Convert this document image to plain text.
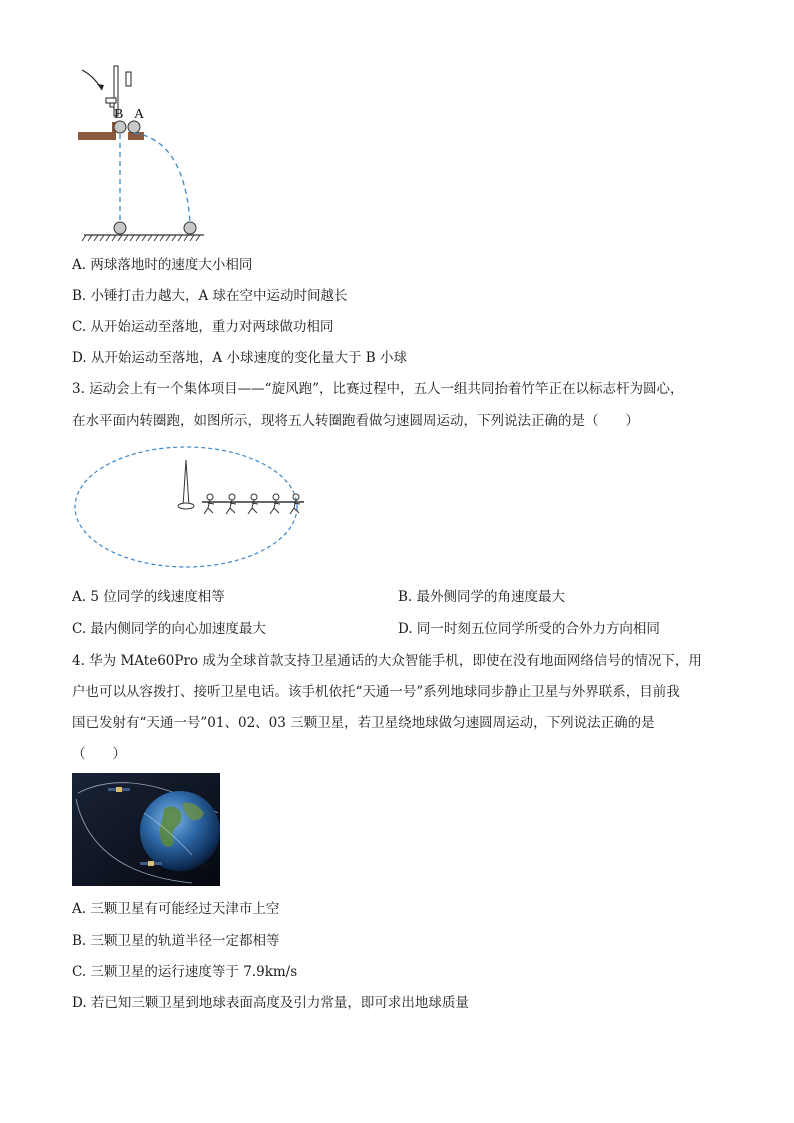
B A
A. 两球落地时的速度大小相同
B. 小锤打击力越大，A 球在空中运动时间越长
C. 从开始运动至落地，重力对两球做功相同
D. 从开始运动至落地，A 小球速度的变化量大于 B 小球
3. 运动会上有一个集体项目——“旋风跑”，比赛过程中，五人一组共同抬着竹竿正在以标志杆为圆心，
在水平面内转圈跑，如图所示，现将五人转圈跑看做匀速圆周运动，下列说法正确的是（　　）
A. 5 位同学的线速度相等	B. 最外侧同学的角速度最大
C. 最内侧同学的向心加速度最大	D. 同一时刻五位同学所受的合外力方向相同
4. 华为 MAte60Pro 成为全球首款支持卫星通话的大众智能手机，即使在没有地面网络信号的情况下，用
户也可以从容拨打、接听卫星电话。该手机依托“天通一号”系列地球同步静止卫星与外界联系，目前我
国已发射有“天通一号”01、02、03 三颗卫星，若卫星绕地球做匀速圆周运动，下列说法正确的是
（　　）
A. 三颗卫星有可能经过天津市上空
B. 三颗卫星的轨道半径一定都相等
C. 三颗卫星的运行速度等于 7.9km/s
D. 若已知三颗卫星到地球表面高度及引力常量，即可求出地球质量
